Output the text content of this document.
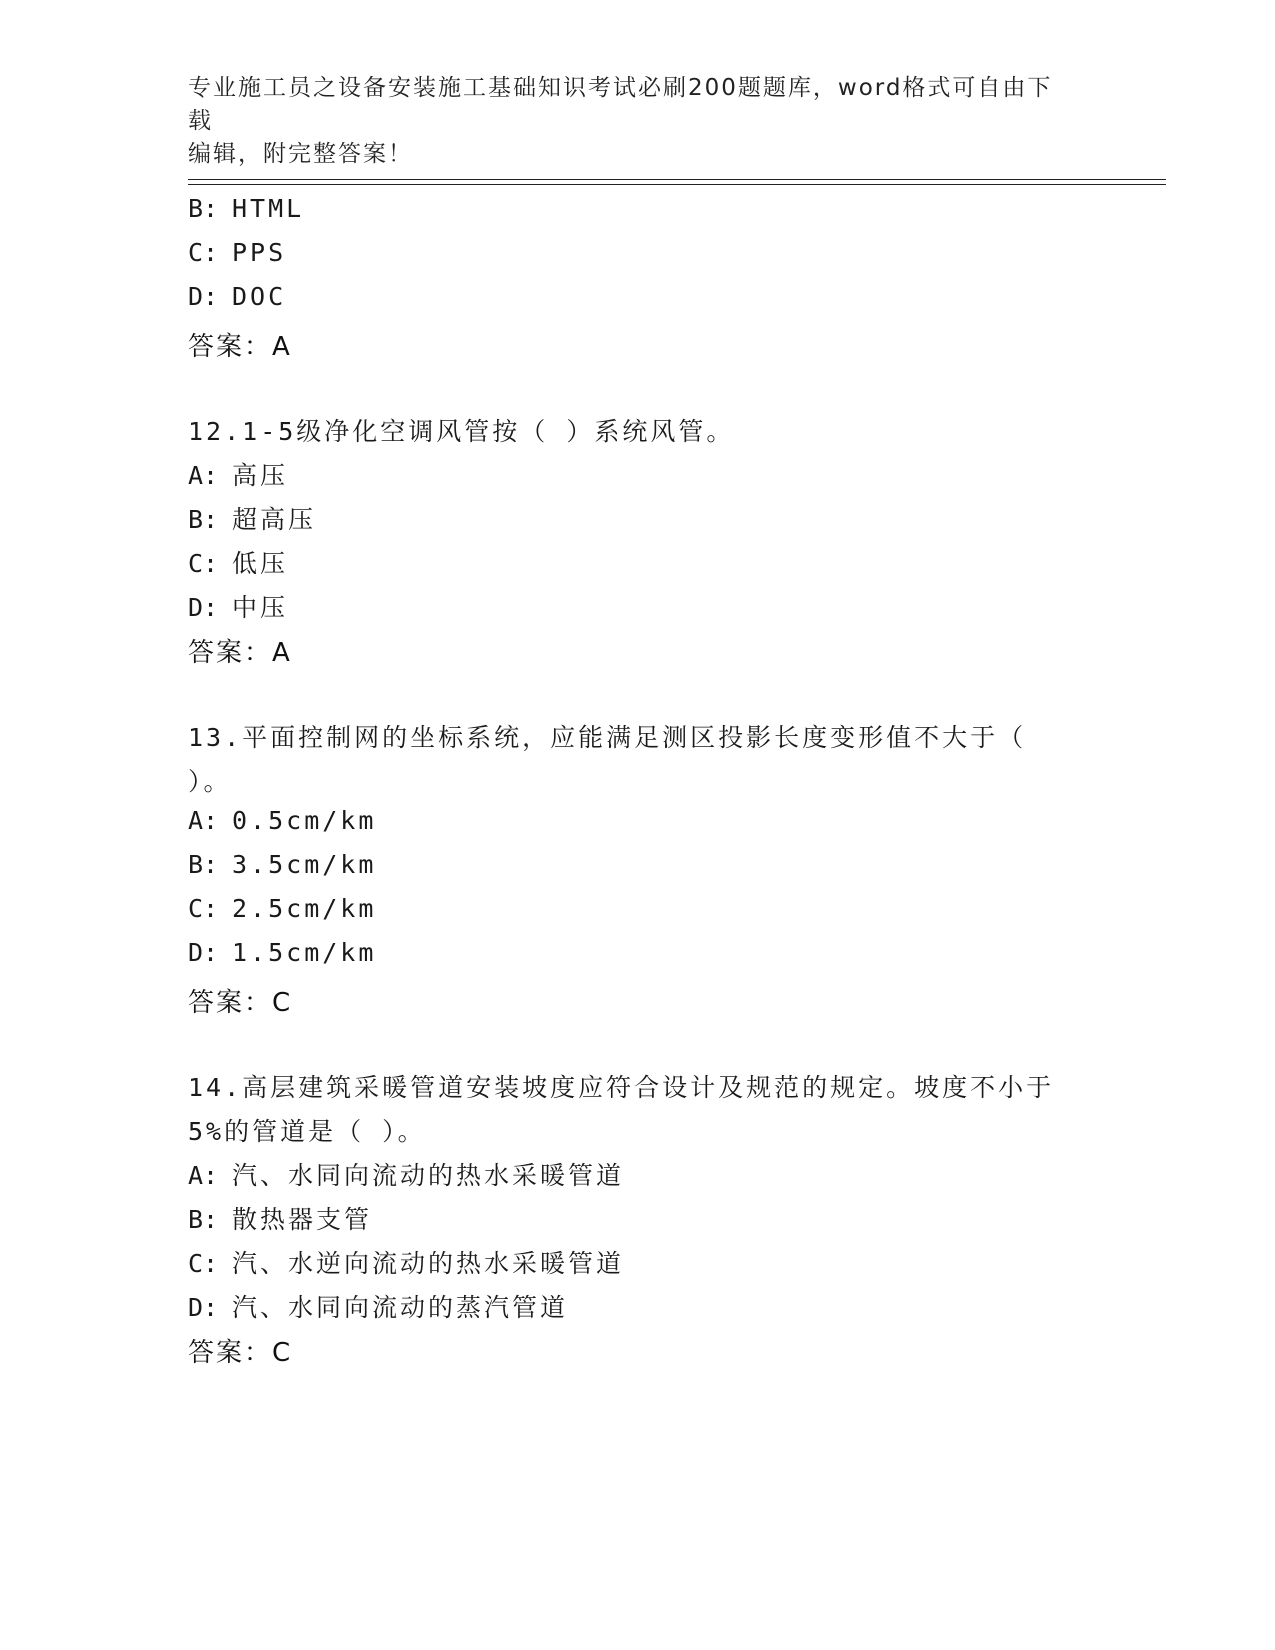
专业施工员之设备安装施工基础知识考试必刷200题题库，word格式可自由下载
编辑，附完整答案！
B: HTML
C: PPS
D: DOC
答案：A
12.1-5级净化空调风管按（ ）系统风管。
A: 高压
B: 超高压
C: 低压
D: 中压
答案：A
13.平面控制网的坐标系统，应能满足测区投影长度变形值不大于（
）。
A: 0.5cm/km
B: 3.5cm/km
C: 2.5cm/km
D: 1.5cm/km
答案：C
14.高层建筑采暖管道安装坡度应符合设计及规范的规定。坡度不小于
5%的管道是（ ）。
A: 汽、水同向流动的热水采暖管道
B: 散热器支管
C: 汽、水逆向流动的热水采暖管道
D: 汽、水同向流动的蒸汽管道
答案：C
